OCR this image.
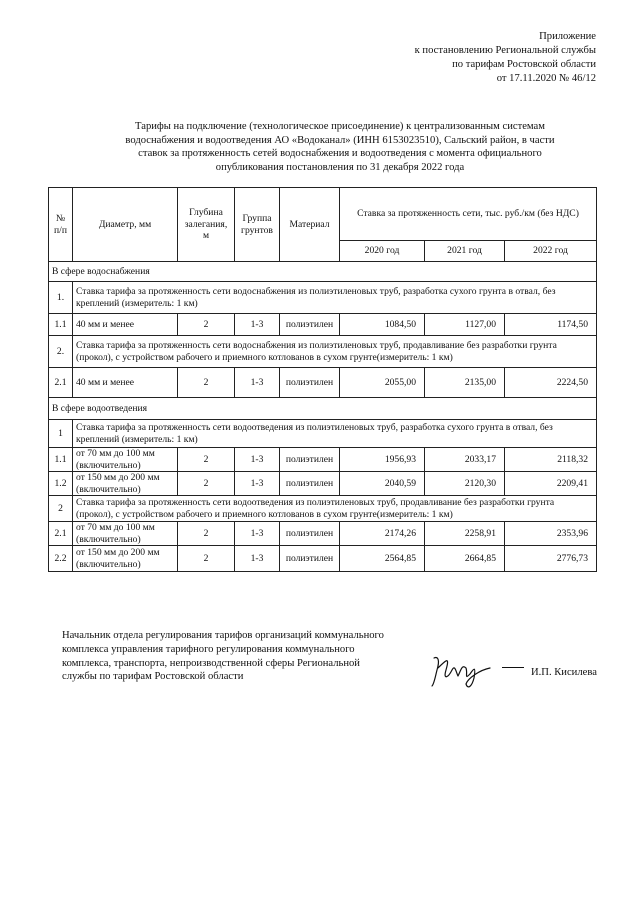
Приложение
к постановлению Региональной службы
по тарифам Ростовской области
от 17.11.2020 № 46/12
Тарифы на подключение (технологическое присоединение) к централизованным системам
водоснабжения и водоотведения АО «Водоканал» (ИНН 6153023510), Сальский район, в части
ставок за протяженность сетей водоснабжения и водоотведения с момента официального
опубликования постановления по 31 декабря 2022 года
№ п/п	Диаметр, мм	Глубина залегания, м	Группа грунтов	Материал	Ставка за протяженность сети, тыс. руб./км (без НДС)		
					2020 год	2021 год	2022 год
В сфере водоснабжения							
1.	Ставка тарифа за протяженность сети водоснабжения из полиэтиленовых труб, разработка сухого грунта в отвал, без креплений (измеритель: 1 км)						
1.1	40 мм и менее	2	1-3	полиэтилен	1084,50	1127,00	1174,50
2.	Ставка тарифа за протяженность сети водоснабжения из полиэтиленовых труб, продавливание без разработки грунта (прокол), с устройством рабочего и приемного котлованов в сухом грунте(измеритель: 1 км)						
2.1	40 мм и менее	2	1-3	полиэтилен	2055,00	2135,00	2224,50
В сфере водоотведения							
1	Ставка тарифа за протяженность сети водоотведения из полиэтиленовых труб, разработка сухого грунта в отвал, без креплений (измеритель: 1 км)						
1.1	от 70 мм до 100 мм (включительно)	2	1-3	полиэтилен	1956,93	2033,17	2118,32
1.2	от 150 мм до 200 мм (включительно)	2	1-3	полиэтилен	2040,59	2120,30	2209,41
2	Ставка тарифа за протяженность сети водоотведения из полиэтиленовых труб, продавливание без разработки грунта (прокол), с устройством рабочего и приемного котлованов в сухом грунте(измеритель: 1 км)						
2.1	от 70 мм до 100 мм (включительно)	2	1-3	полиэтилен	2174,26	2258,91	2353,96
2.2	от 150 мм до 200 мм (включительно)	2	1-3	полиэтилен	2564,85	2664,85	2776,73
Начальник отдела регулирования тарифов организаций коммунального
комплекса управления тарифного регулирования коммунального
комплекса, транспорта, непроизводственной сферы Региональной
службы по тарифам Ростовской области	И.П. Кисилева
